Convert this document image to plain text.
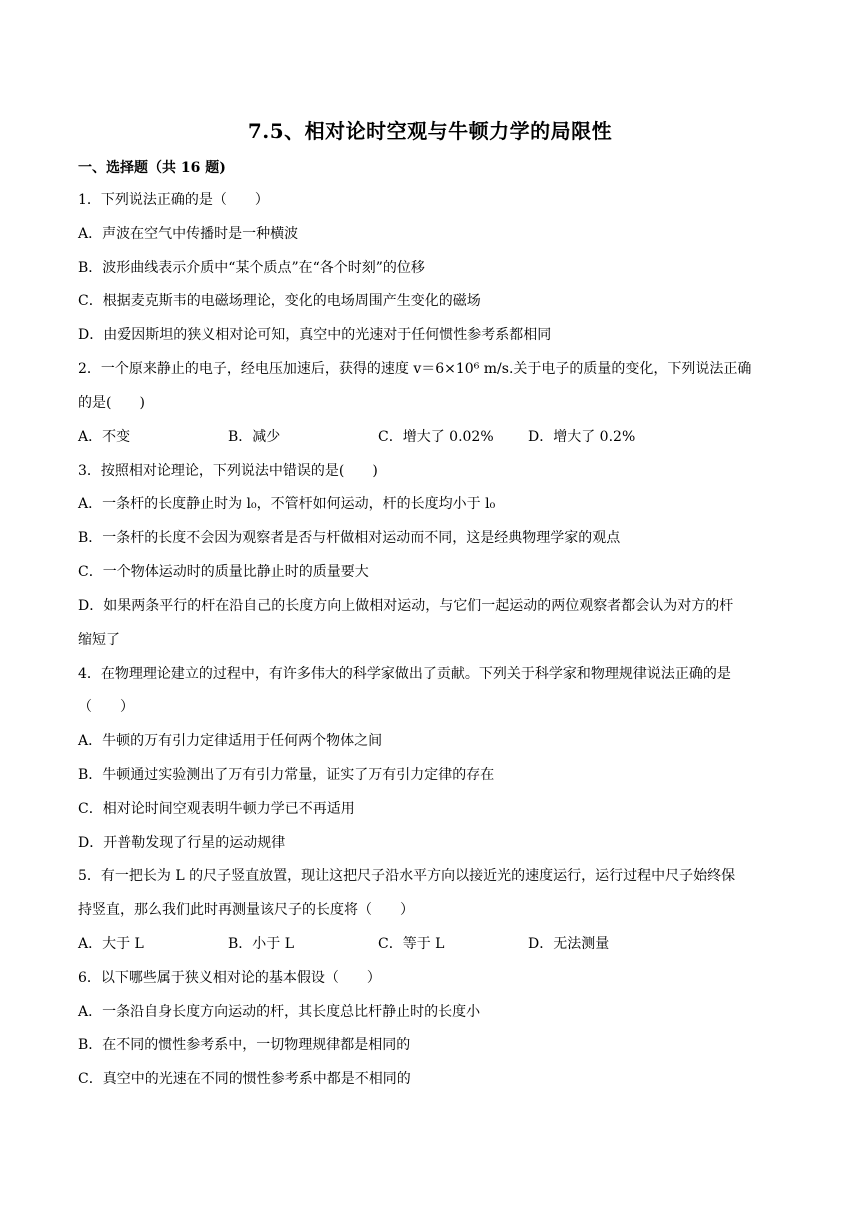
7.5、相对论时空观与牛顿力学的局限性
一、选择题（共 16 题)
1．下列说法正确的是（　　）
A．声波在空气中传播时是一种横波
B．波形曲线表示介质中“某个质点”在“各个时刻”的位移
C．根据麦克斯韦的电磁场理论，变化的电场周围产生变化的磁场
D．由爱因斯坦的狭义相对论可知，真空中的光速对于任何惯性参考系都相同
2．一个原来静止的电子，经电压加速后，获得的速度 v＝6×10⁶ m/s.关于电子的质量的变化，下列说法正确
的是(　　)
A．不变	B．减少	C．增大了 0.02% D．增大了 0.2%
3．按照相对论理论，下列说法中错误的是(　　)
A．一条杆的长度静止时为 l₀，不管杆如何运动，杆的长度均小于 l₀
B．一条杆的长度不会因为观察者是否与杆做相对运动而不同，这是经典物理学家的观点
C．一个物体运动时的质量比静止时的质量要大
D．如果两条平行的杆在沿自己的长度方向上做相对运动，与它们一起运动的两位观察者都会认为对方的杆
缩短了
4．在物理理论建立的过程中，有许多伟大的科学家做出了贡献。下列关于科学家和物理规律说法正确的是
（　　）
A．牛顿的万有引力定律适用于任何两个物体之间
B．牛顿通过实验测出了万有引力常量，证实了万有引力定律的存在
C．相对论时间空观表明牛顿力学已不再适用
D．开普勒发现了行星的运动规律
5．有一把长为 L 的尺子竖直放置，现让这把尺子沿水平方向以接近光的速度运行，运行过程中尺子始终保
持竖直，那么我们此时再测量该尺子的长度将（　　）
A．大于 L	B．小于 L	C．等于 L	D．无法测量
6．以下哪些属于狭义相对论的基本假设（　　）
A．一条沿自身长度方向运动的杆，其长度总比杆静止时的长度小
B．在不同的惯性参考系中，一切物理规律都是相同的
C．真空中的光速在不同的惯性参考系中都是不相同的
